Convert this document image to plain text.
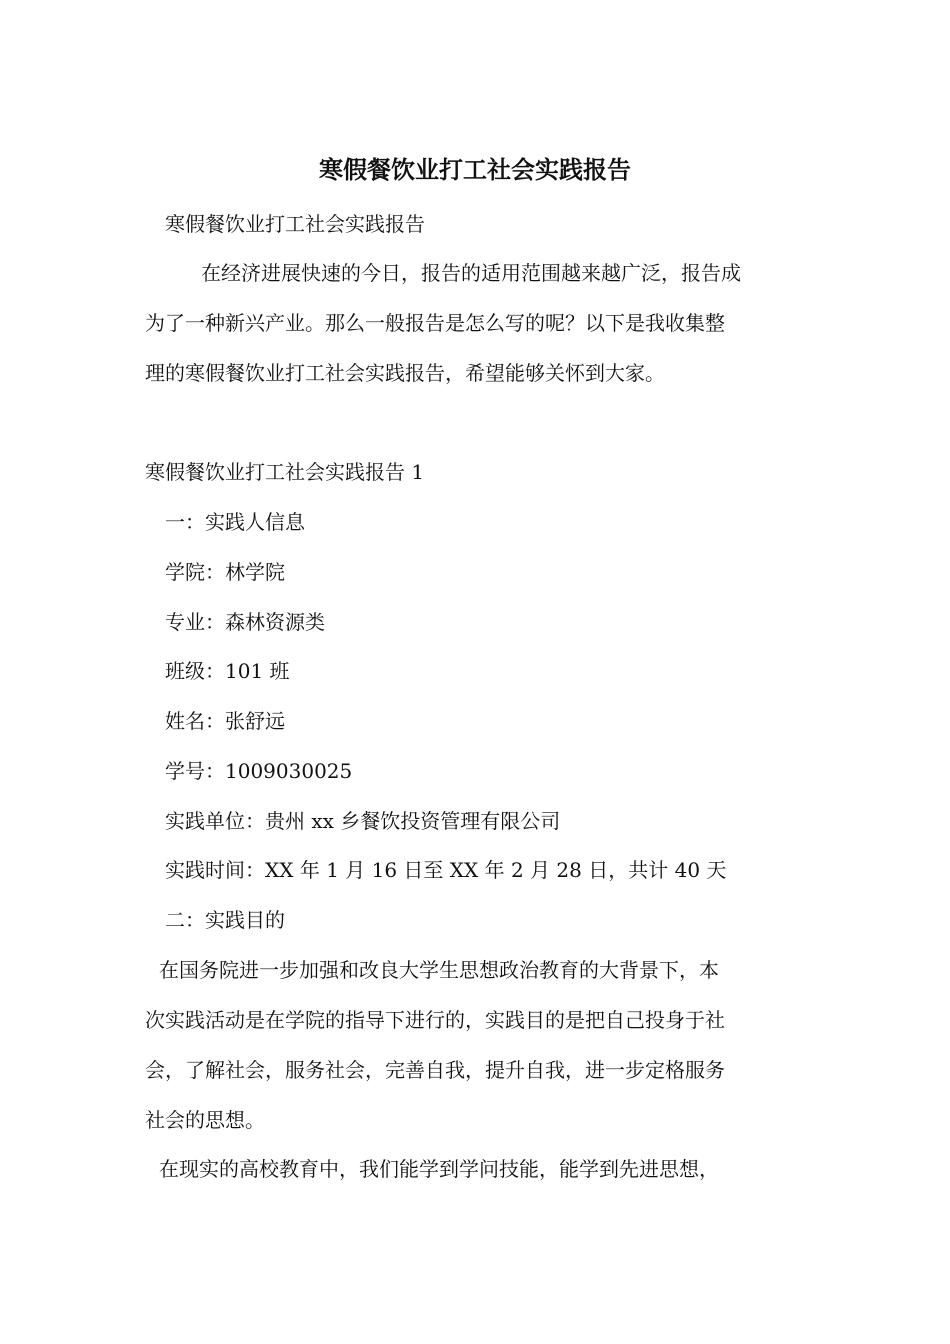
寒假餐饮业打工社会实践报告
寒假餐饮业打工社会实践报告
在经济进展快速的今日，报告的适用范围越来越广泛，报告成
为了一种新兴产业。那么一般报告是怎么写的呢？以下是我收集整
理的寒假餐饮业打工社会实践报告，希望能够关怀到大家。
寒假餐饮业打工社会实践报告 1
一：实践人信息
学院：林学院
专业：森林资源类
班级：101 班
姓名：张舒远
学号：1009030025
实践单位：贵州 xx 乡餐饮投资管理有限公司
实践时间：XX 年 1 月 16 日至 XX 年 2 月 28 日，共计 40 天
二：实践目的
在国务院进一步加强和改良大学生思想政治教育的大背景下，本
次实践活动是在学院的指导下进行的，实践目的是把自己投身于社
会，了解社会，服务社会，完善自我，提升自我，进一步定格服务
社会的思想。
在现实的高校教育中，我们能学到学问技能，能学到先进思想，
